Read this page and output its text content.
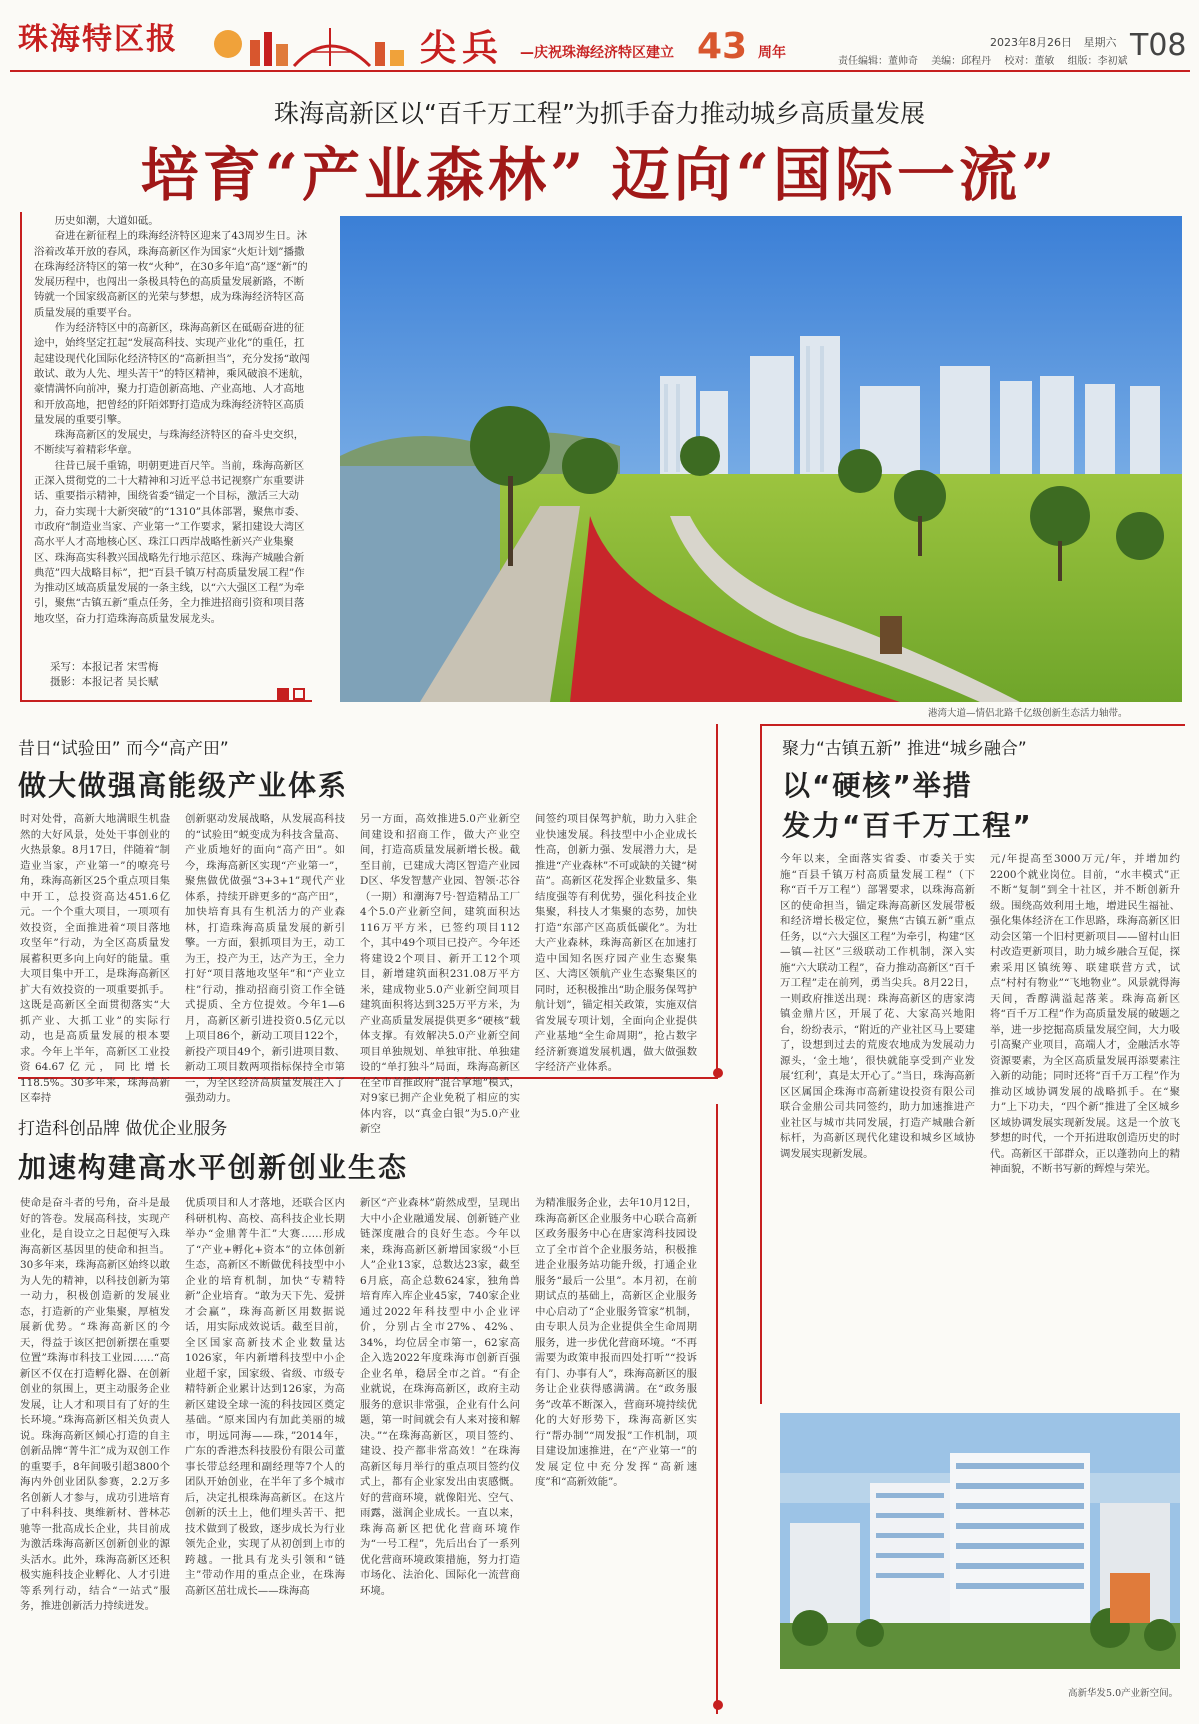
珠海特区报	尖兵 —庆祝珠海经济特区建立 43 周年
2023年8月26日 星期六 T08
责任编辑：董帅奇 美编：邱程丹 校对：董敏 组版：李初斌
珠海高新区以“百千万工程”为抓手奋力推动城乡高质量发展
培育“产业森林” 迈向“国际一流”

历史如潮，大道如砥。

奋进在新征程上的珠海经济特区迎来了43周岁生日。沐浴着改革开放的春风，珠海高新区作为国家“火炬计划”播撒在珠海经济特区的第一枚“火种”，在30多年追“高”逐“新”的发展历程中，也闯出一条极具特色的高质量发展新路，不断铸就一个国家级高新区的光荣与梦想，成为珠海经济特区高质量发展的重要平台。

作为经济特区中的高新区，珠海高新区在砥砺奋进的征途中，始终坚定扛起“发展高科技、实现产业化”的重任，扛起建设现代化国际化经济特区的“高新担当”，充分发扬“敢闯敢试、敢为人先、埋头苦干”的特区精神，乘风破浪不迷航，豪情满怀向前冲，聚力打造创新高地、产业高地、人才高地和开放高地，把曾经的阡陌郊野打造成为珠海经济特区高质量发展的重要引擎。

珠海高新区的发展史，与珠海经济特区的奋斗史交织，不断续写着精彩华章。

往昔已展千重锦，明朝更进百尺竿。当前，珠海高新区正深入贯彻党的二十大精神和习近平总书记视察广东重要讲话、重要指示精神，围绕省委“锚定一个目标，激活三大动力，奋力实现十大新突破”的“1310”具体部署，聚焦市委、市政府“制造业当家、产业第一”工作要求，紧扣建设大湾区高水平人才高地核心区、珠江口西岸战略性新兴产业集聚区、珠海高实科教兴国战略先行地示范区、珠海产城融合新典范”四大战略目标”，把“百县千镇万村高质量发展工程”作为推动区域高质量发展的一条主线，以“六大强区工程”为牵引，聚焦“古镇五新”重点任务，全力推进招商引资和项目落地攻坚，奋力打造珠海高质量发展龙头。

采写：本报记者 宋雪梅
摄影：本报记者 吴长赋
港湾大道—情侣北路千亿级创新生态活力轴带。
昔日“试验田” 而今“高产田”
做大做强高能级产业体系
时对处骨，高新大地满眼生机盎然的大好风景，处处干事创业的火热景象。8月17日，伴随着“制造业当家，产业第一”的嘹亮号角，珠海高新区25个重点项目集中开工，总投资高达451.6亿元。一个个重大项目，一项项有效投资，全面推进着“项目落地攻坚年”行动，为全区高质量发展蓄积更多向上向好的能量。重大项目集中开工，是珠海高新区扩大有效投资的一项重要抓手。这既是高新区全面贯彻落实“大抓产业、大抓工业”的实际行动，也是高质量发展的根本要求。今年上半年，高新区工业投资64.67亿元，同比增长118.5%。30多年来，珠海高新区奉持
创新驱动发展战略，从发展高科技的“试验田”蜕变成为科技含量高、产业质地好的面向“高产田”。如今，珠海高新区实现“产业第一”，聚焦做优做强“3+3+1”现代产业体系，持续开辟更多的“高产田”，加快培育具有生机活力的产业森林，打造珠海高质量发展的新引擎。一方面，狠抓项目为王，动工为王，投产为王，达产为王，全力打好“项目落地攻坚年”和“产业立柱”行动，推动招商引资工作全链式提质、全方位提效。今年1—6月，高新区新引进投资0.5亿元以上项目86个，新动工项目122个，新投产项目49个，新引进项目数、新动工项目数两项指标保持全市第一，为全区经济高质量发展注入了强劲动力。
另一方面，高效推进5.0产业新空间建设和招商工作，做大产业空间，打造高质量发展新增长极。截至目前，已建成大湾区智造产业园D区、华发智慧产业园、智领·芯谷（一期）和潮海7号·智造精品工厂4个5.0产业新空间，建筑面积达116万平方米，已签约项目112个，其中49个项目已投产。今年还将建设2个项目、新开工12个项目，新增建筑面积231.08万平方米，建成物业5.0产业新空间项目建筑面积将达到325万平方米，为产业高质量发展提供更多“硬核”载体支撑。有效解决5.0产业新空间项目单独规划、单独审批、单独建设的“单打独斗”局面，珠海高新区在全市首推政府“混合拿地”模式，对9家已拥产企业免税了相应的实体内容，以“真金白银”为5.0产业新空
间签约项目保驾护航，助力入驻企业快速发展。科技型中小企业成长性高，创新力强、发展潜力大，是推进“产业森林”不可或缺的关键“树苗”。高新区花发挥企业数量多、集结度强等有利优势，强化科技企业集聚，科技人才集聚的态势，加快打造“东部产区高质低碳化”。为壮大产业森林，珠海高新区在加速打造中国知名医疗园产业生态聚集区、大湾区领航产业生态聚集区的同时，还积极推出“助企服务保驾护航计划”，锚定相关政策，实施双信省发展专项计划，全面向企业提供产业基地“全生命周期”，抢占数字经济新赛道发展机遇，做大做强数字经济产业体系。
聚力“古镇五新” 推进“城乡融合”
以“硬核”举措
发力“百千万工程”
今年以来，全面落实省委、市委关于实施“百县千镇万村高质量发展工程”（下称“百千万工程”）部署要求，以珠海高新区的使命担当，锚定珠海高新区发展带板和经济增长极定位，聚焦“古镇五新”重点任务，以“六大强区工程”为牵引，构建“区—镇—社区”三级联动工作机制，深入实施“六大联动工程”，奋力推动高新区“百千万工程”走在前列，勇当尖兵。8月22日，一则政府推送出现：珠海高新区的唐家湾镇金鼎片区，开展了花、大家高兴地阳台，纷纷表示，“附近的产业社区马上要建了，设想到过去的荒废农地成为发展动力源头，‘金土地’，很快就能享受到产业发展‘红利’，真是太开心了。”当日，珠海高新区区属国企珠海市高新建设投资有限公司联合金鼎公司共同签约，助力加速推进产业社区与城市共同发展，打造产城融合新标杆，为高新区现代化建设和城乡区域协调发展实现新发展。
元/年提高至3000万元/年，并增加约2200个就业岗位。目前，“水丰模式”正不断“复制”到全十社区，并不断创新升级。围绕高效利用土地，增进民生福祉、强化集体经济在工作思路，珠海高新区旧动会区第一个旧村更新项目——留村山旧村改造更新项目，助力城乡融合互促，探索采用区镇统筹、联建联营方式，试点“村村有物业”“飞地物业”。风景就得海天间，香醇满溢起落莱。珠海高新区将“百千万工程”作为高质量发展的破题之举，进一步挖掘高质量发展空间，大力吸引高聚产业项目，高端人才，金融活水等资源要素，为全区高质量发展再添要素注入新的动能；同时还将“百千万工程”作为推动区域协调发展的战略抓手。在“聚力”上下功夫，“四个新”推进了全区城乡区域协调发展实现新发展。这是一个放飞梦想的时代，一个开拓进取创造历史的时代。高新区干部群众，正以蓬勃向上的精神面貌，不断书写新的辉煌与荣光。
打造科创品牌 做优企业服务
加速构建高水平创新创业生态
使命是奋斗者的号角，奋斗是最好的答卷。发展高科技，实现产业化，是自设立之日起便写入珠海高新区基因里的使命和担当。30多年来，珠海高新区始终以敢为人先的精神，以科技创新为第一动力，积极创造新的发展业态，打造新的产业集聚，厚植发展新优势。“珠海高新区的今天，得益于该区把创新摆在重要位置”珠海市科技工业园……“高新区不仅在打造孵化器、在创新创业的氛围上，更主动服务企业发展，让人才和项目有了好的生长环境。”珠海高新区相关负责人说。珠海高新区倾心打造的自主创新品牌“菁牛汇”成为双创工作的重要手，8年间吸引超3800个海内外创业团队参赛，2.2万多名创新人才参与，成功引进培育了中科科技、奥维新材、普林芯驰等一批高成长企业，共目前成为激活珠海高新区创新创业的源头活水。此外，珠海高新区还积极实施科技企业孵化、人才引进等系列行动，结合“一站式”服务，推进创新活力持续迸发。
优质项目和人才落地，还联合区内科研机构、高校、高科技企业长期举办“金鼎菁牛汇”大赛……形成了“产业+孵化+资本”的立体创新生态，高新区不断做优科技型中小企业的培育机制，加快“专精特新”企业培育。“敢为天下先、爱拼才会赢”，珠海高新区用数据说话，用实际成效说话。截至目前，全区国家高新技术企业数量达1026家，年内新增科技型中小企业超千家，国家级、省级、市级专精特新企业累计达到126家，为高新区建设全球一流的科技园区奠定基础。“原来国内有加此美丽的城市，明远同海——珠，”2014年，广东的香港杰科技股份有限公司董事长带总经理和副经理等7个人的团队开始创业，在半年了多个城市后，决定扎根珠海高新区。在这片创新的沃土上，他们埋头苦干、把技术做到了极致，逐步成长为行业领先企业，实现了从初创到上市的跨越。一批具有龙头引领和“链主”带动作用的重点企业，在珠海高新区茁壮成长——珠海高
新区“产业森林”蔚然成型，呈现出大中小企业融通发展、创新链产业链深度融合的良好生态。今年以来，珠海高新区新增国家级“小巨人”企业13家，总数达23家，截至6月底，高企总数624家，独角兽培育库入库企业45家，740家企业通过2022年科技型中小企业评价，分别占全市27%、42%、34%，均位居全市第一，62家高企入选2022年度珠海市创新百强企业名单，稳居全市之首。“有企业就说，在珠海高新区，政府主动服务的意识非常强，企业有什么问题，第一时间就会有人来对接和解决。”“在珠海高新区，项目签约、建设、投产都非常高效！”在珠海高新区每月举行的重点项目签约仪式上，都有企业家发出由衷感慨。好的营商环境，就像阳光、空气、雨露，滋润企业成长。一直以来，珠海高新区把优化营商环境作为“一号工程”，先后出台了一系列优化营商环境政策措施，努力打造市场化、法治化、国际化一流营商环境。
为精准服务企业，去年10月12日，珠海高新区企业服务中心联合高新区政务服务中心在唐家湾科技园设立了全市首个企业服务站，积极推进企业服务站功能升级，打通企业服务“最后一公里”。本月初，在前期试点的基础上，高新区企业服务中心启动了“企业服务管家”机制，由专职人员为企业提供全生命周期服务，进一步优化营商环境。“不再需要为政策申报而四处打听”“投诉有门、办事有人”，珠海高新区的服务让企业获得感满满。在“政务服务”改革不断深入，营商环境持续优化的大好形势下，珠海高新区实行“帮办制”“周发报”工作机制，项目建设加速推进，在“产业第一”的发展定位中充分发挥“高新速度”和“高新效能”。
高新华发5.0产业新空间。
